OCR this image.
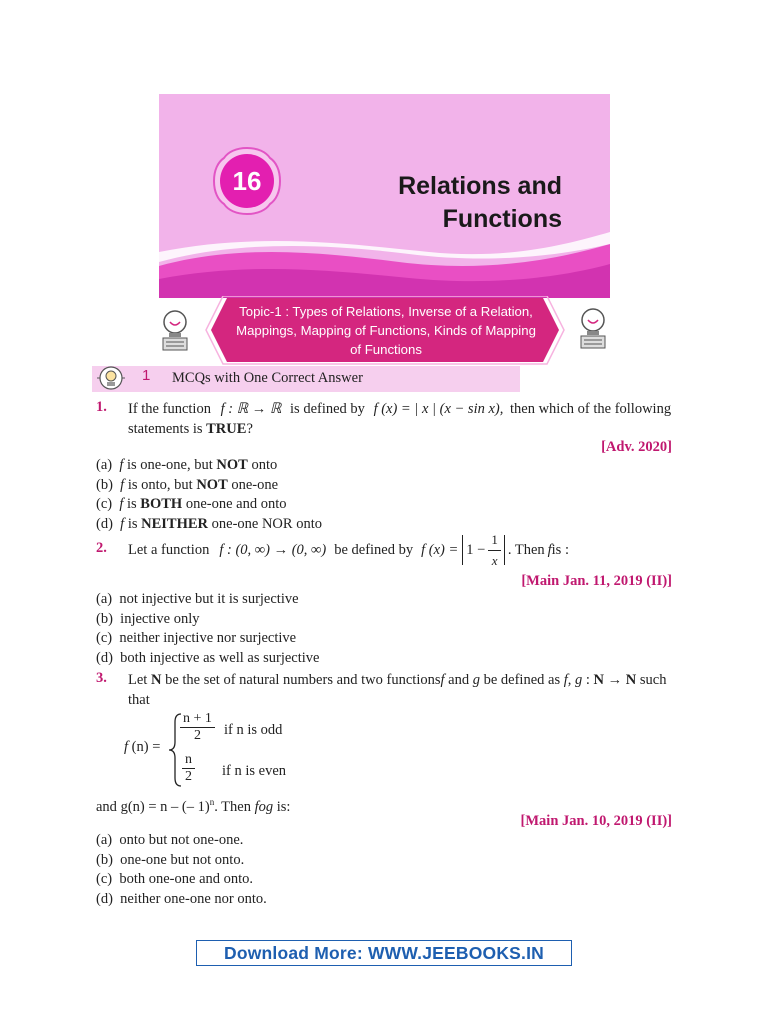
16	Relations and
Functions
Topic-1 : Types of Relations, Inverse of a Relation,
Mappings, Mapping of Functions, Kinds of Mapping
of Functions
1 MCQs with One Correct Answer
1. If the function f : ℝ → ℝ is defined by f (x) = | x | (x − sin x), then which of the following
statements is TRUE?
[Adv. 2020]
(a) f is one-one, but NOT onto
(b) f is onto, but NOT one-one
(c) f is BOTH one-one and onto
(d) f is NEITHER one-one NOR onto
2. Let a function f : (0, ∞) → (0, ∞) be defined by f $(x) = 1 - \frac{1}{x}$ . Then f is :
[Main Jan. 11, 2019 (II)]
(a) not injective but it is surjective
(b) injective only
(c) neither injective nor surjective
(d) both injective as well as surjective
3. Let N be the set of natural numbers and two functionsf and g be defined as f, g : N → N such
that
f (n) =
$\frac{n + 1}{2}$ if n is odd
$\frac{n}{2}$ if n is even
and g(n) = n – (– 1)$^n$. Then fog is:
[Main Jan. 10, 2019 (II)]
(a) onto but not one-one.
(b) one-one but not onto.
(c) both one-one and onto.
(d) neither one-one nor onto.
Download More: WWW.JEEBOOKS.IN
